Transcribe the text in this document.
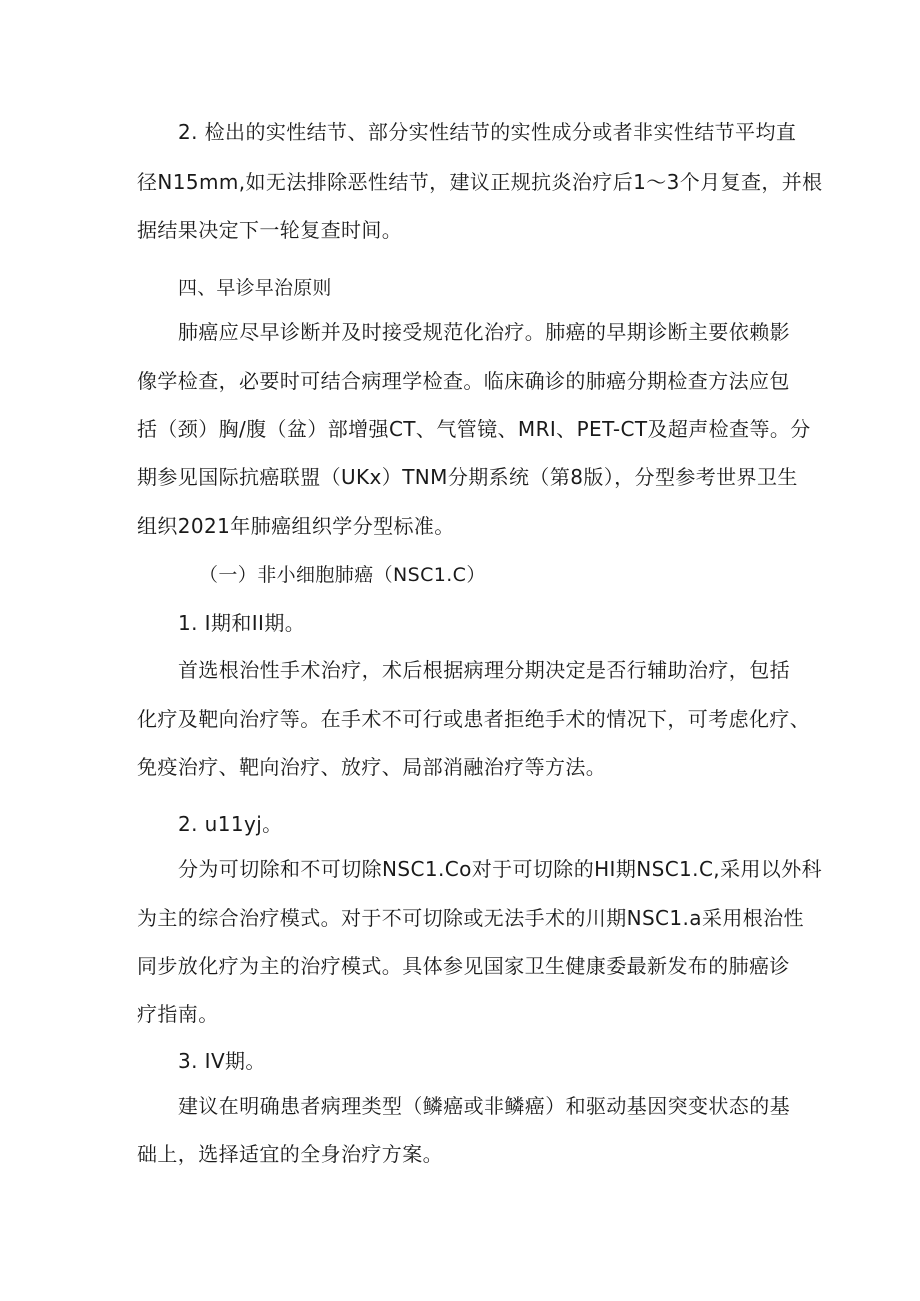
2. 检出的实性结节、部分实性结节的实性成分或者非实性结节平均直
径N15mm,如无法排除恶性结节，建议正规抗炎治疗后1〜3个月复查，并根
据结果决定下一轮复查时间。
四、早诊早治原则
肺癌应尽早诊断并及时接受规范化治疗。肺癌的早期诊断主要依赖影
像学检查，必要时可结合病理学检查。临床确诊的肺癌分期检查方法应包
括（颈）胸/腹（盆）部增强CT、气管镜、MRI、PET-CT及超声检查等。分
期参见国际抗癌联盟（UKx）TNM分期系统（第8版），分型参考世界卫生
组织2021年肺癌组织学分型标准。
（一）非小细胞肺癌（NSC1.C）
1. I期和II期。
首选根治性手术治疗，术后根据病理分期决定是否行辅助治疗，包括
化疗及靶向治疗等。在手术不可行或患者拒绝手术的情况下，可考虑化疗、
免疫治疗、靶向治疗、放疗、局部消融治疗等方法。
2. u11yj。
分为可切除和不可切除NSC1.Co对于可切除的HI期NSC1.C,采用以外科
为主的综合治疗模式。对于不可切除或无法手术的川期NSC1.a采用根治性
同步放化疗为主的治疗模式。具体参见国家卫生健康委最新发布的肺癌诊
疗指南。
3. IV期。
建议在明确患者病理类型（鳞癌或非鳞癌）和驱动基因突变状态的基
础上，选择适宜的全身治疗方案。
